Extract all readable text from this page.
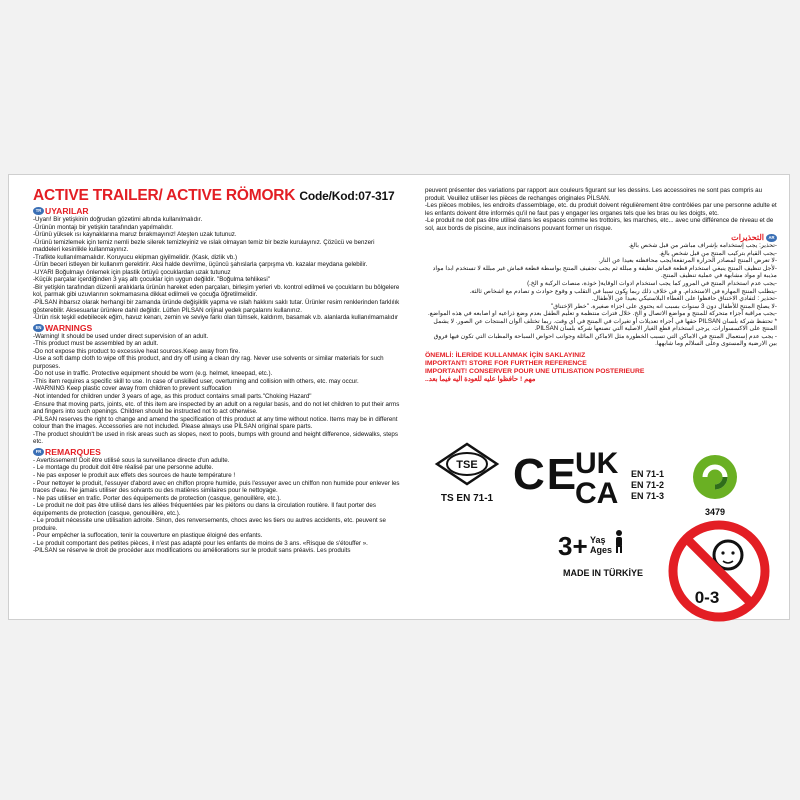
ACTIVE TRAILER/ ACTIVE RÖMORK Code/Kod:07-317
TR UYARILAR
-Uyarı! Bir yetişkinin doğrudan gözetimi altında kullanılmalıdır.
-Ürünün montajı bir yetişkin tarafından yapılmalıdır.
-Ürünü yüksek ısı kaynaklarına maruz bırakmayınız! Ateşten uzak tutunuz.
-Ürünü temizlemek için temiz nemli bezle silerek temizleyiniz ve ıslak olmayan temiz bir bezle kurulayınız. Çözücü ve benzeri maddeleri kesinlikle kullanmayınız.
-Trafikte kullanılmamalıdır. Koruyucu ekipman giyilmelidir. (Kask, dizlik vb.)
-Ürün beceri istleyen bir kullanım gerektirir. Aksi halde devrilme, üçüncü şahıslarla çarpışma vb. kazalar meydana gelebilir.
-UYARI Boğulmayı önlemek için plastik örtüyü çocuklardan uzak tutunuz
-Küçük parçalar içerdiğinden 3 yaş altı çocuklar için uygun değildir. "Boğulma tehlikesi"
-Bir yetişkin tarafından düzenli aralıklarla ürünün hareket eden parçaları, birleşim yerleri vb. kontrol edilmeli ve çocukların bu bölgelere kol, parmak gibi uzuvlarının sokmamasına dikkat edilmeli ve çocuğa öğretilmelidir.
-PİLSAN ihbarsız olarak herhangi bir zamanda üründe değişiklik yapma ve ıslah hakkını saklı tutar. Ürünler resim renklerinden farklılık gösterebilir. Aksesuarlar ürünlere dahil değildir. Lütfen PİLSAN orijinal yedek parçalarını kullanınız.
-Ürün risk teşkil edebilecek eğim, havuz kenarı, zemin ve seviye farkı olan tümsek, kaldırım, basamak v.b. alanlarda kullanılmamalıdır
EN WARNINGS
-Warning! It should be used under direct supervision of an adult.
-This product must be assembled by an adult.
-Do not expose this product to excessive heat sources.Keep away from fire.
-Use a soft damp cloth to wipe off this product, and dry off using a clean dry rag. Never use solvents or similar materials for such purposes.
-Do not use in traffic. Protective equipment should be worn (e.g. helmet, kneepad, etc.).
-This item requires a specific skill to use. In case of unskilled user, overturning and collision with others, etc. may occur.
-WARNING Keep plastic cover away from children to prevent suffocation
-Not intended for children under 3 years of age, as this product contains small parts."Choking Hazard"
-Ensure that moving parts, joints, etc. of this item are inspected by an adult on a regular basis, and do not let children to put their arms and fingers into such openings. Children should be instructed not to act otherwise.
-PİLSAN reserves the right to change and amend the specification of this product at any time without notice. Items may be in different colour than the images. Accessories are not included. Please always use PİLSAN original spare parts.
-The product shouldn't be used in risk areas such as slopes, next to pools, bumps with ground and height difference, sidewalks, steps etc.
FR REMARQUES
- Avertissement! Doit être utilisé sous la surveillance directe d'un adulte.
- Le montage du produit doit être réalisé par une personne adulte.
- Ne pas exposer le produit aux effets des sources de haute température !
- Pour nettoyer le produit, l'essuyer d'abord avec en chiffon propre humide, puis l'essuyer avec un chiffon non humide pour enlever les traces d'eau. Ne jamais utiliser des solvants ou des matières similaires pour le nettoyage.
- Ne pas utiliser en trafic. Porter des équipements de protection (casque, genouillère, etc.).
- Le produit ne doit pas être utilisé dans les allées fréquentées par les piétons ou dans la circulation routière. Il faut porter des équipements de protection (casque, genouillère, etc.).
- Le produit nécessite une utilisation adroite. Sinon, des renversements, chocs avec les tiers ou autres accidents, etc. peuvent se produire.
- Pour empêcher la suffocation, tenir la couverture en plastique éloigné des enfants.
- Le produit comportant des petites pièces, il n'est pas adapté pour les enfants de moins de 3 ans. «Risque de s'étouffer ».
-PILSAN se réserve le droit de procéder aux modifications ou améliorations sur le produit sans préavis. Les produits
peuvent présenter des variations par rapport aux couleurs figurant sur les dessins. Les accessoires ne sont pas compris au produit. Veuillez utiliser les pièces de rechanges originales PİLSAN.
-Les pièces mobiles, les endroits d'assemblage, etc. du produit doivent régulièrement être contrôlées par une personne adulte et les enfants doivent être informés qu'il ne faut pas y engager les organes tels que les bras ou les doigts, etc.
-Le produit ne doit pas être utilisé dans les espaces comme les trottoirs, les marches, etc... avec une différence de niveau et de sol, aux bords de piscine, aux inclinaisons pouvant former un risque.
التحذيرات	AR
-تحذير: يجب إستخدامه بإشراف مباشر من قبل شخص بالغ.
-يجب القيام بتركيب المنتج من قبل شخص بالغ.
-لا تعرض المنتج لمصادر الحرارة المرتفعة!يجب محافظته بعيدا عن النار.
-لأجل تنظيف المنتج ينبغي استخدام قطعة قماش نظيفة و مبللة ثم يجب تجفيف المنتج بواسطة قطعة قماش غير مبللة لا تستخدم ابدا مواد مذيبة او مواد مشابهة في عملية تنظيف المنتج.
-يجب عدم استخدام المنتج في المرور كما يجب استخدام ادوات الوقاية( خوذة، منصات الركبة و الخ.)
-يتطلب المنتج المهارة في الاستخدام. و في خلاف ذلك ربما يكون سببا في التقلب و وقوع حوادث و تصادم مع اشخاص ثالثة.
-تحذير : لتفادي الاختناق حافظوا على الغطاء البلاستيكي بعيداً عن الأطفال.
-لا يصلح المنتج للأطفال دون 3 سنوات بسبب انه يحتوي على اجزاء صغيرة. "خطر الإختناق"
-يجب مراقبة أجزاء متحركة للمنتج و مواضع الاتصال و الخ. خلال فترات منتظمة و تعليم الطفل بعدم وضع ذراعيه او اصابعه في هذه المواضع.
* تحتفظ شركة بلسان PILSAN حقها في أجراء تعديلات أو تغيرات في المنتج في أي وقت. ربما تختلف ألوان المنتجات عن الصور. لا يشمل المنتج على الاكسسوارات. يرجى استخدام قطع الغيار الاصلية التي تصنعها شركة بلسان PILSAN.
- يجب عدم إستعمال المنتج في الاماكن التي تسبب الخطورة مثل الاماكن المائلة وجوانب احواض السباحة والمطبات التي تكون فيها فروق بين الارضية والمستوى وعلى السلالم وما شابهها.
ÖNEMLİ: İLERİDE KULLANMAK İÇİN SAKLAYINIZ
IMPORTANT! STORE FOR FURTHER REFERENCE
IMPORTANT! CONSERVER POUR UNE UTILISATION POSTERIEURE
مهم ! حافظوا عليه للعودة اليه فيما بعد..
TSE
TS EN 71-1 CE
UK
CA
EN 71-1
EN 71-2
EN 71-3
3479
3+ Yaş
Ages
MADE IN TÜRKİYE
0-3
